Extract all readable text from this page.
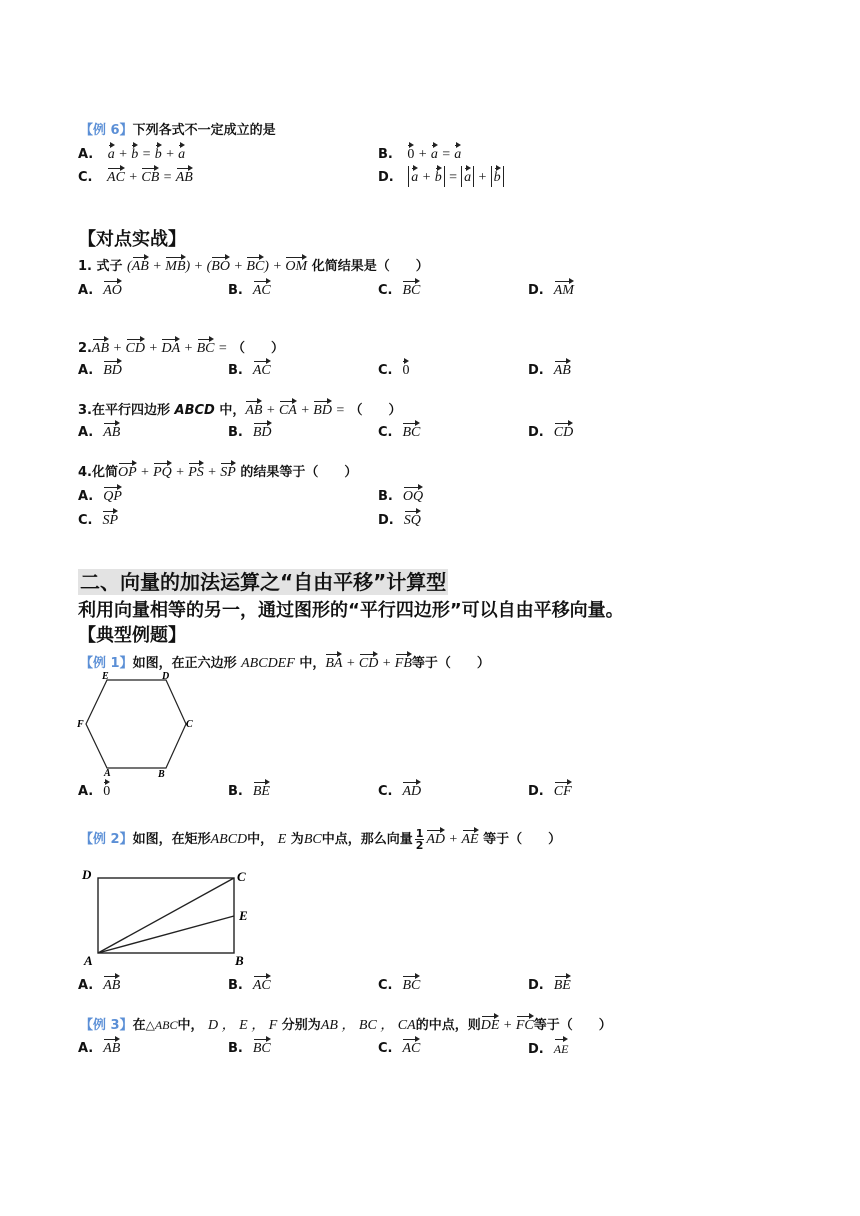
【例 6】下列各式不一定成立的是
A. a + b = b + a	B. 0 + a = a
C. AC + CB = AB	D. a + b = a + b
【对点实战】
1. 式子 (AB + MB) + (BO + BC) + OM 化简结果是（　　）
A. AO	B. AC	C. BC	D. AM
2.AB + CD + DA + BC = （　　）
A. BD	B. AC	C. 0	D. AB
3.在平行四边形 ABCD 中，AB + CA + BD = （　　）
A. AB	B. BD	C. BC	D. CD
4.化简OP + PQ + PS + SP 的结果等于（　　）
A. QP	B. OQ
C. SP	D. SQ
二、向量的加法运算之“自由平移”计算型
利用向量相等的另一，通过图形的“平行四边形”可以自由平移向量。
【典型例题】
【例 1】如图，在正六边形 ABCDEF 中，BA + CD + FB等于（　　）
E	D
C
B
A
F
A. 0	B. BE	C. AD	D. CF
【例 2】如图，在矩形ABCD中， E 为BC中点，那么向量 $\frac{1}{2}$ AD + AE 等于（　　）
D	C
E
A	B
A. AB	B. AC	C. BC	D. BE
【例 3】在△ABC中， D ， E ， F 分别为AB ， BC ， CA的中点，则DE + FC等于（　　）
A. AB	B. BC	C. AC	D. AE
